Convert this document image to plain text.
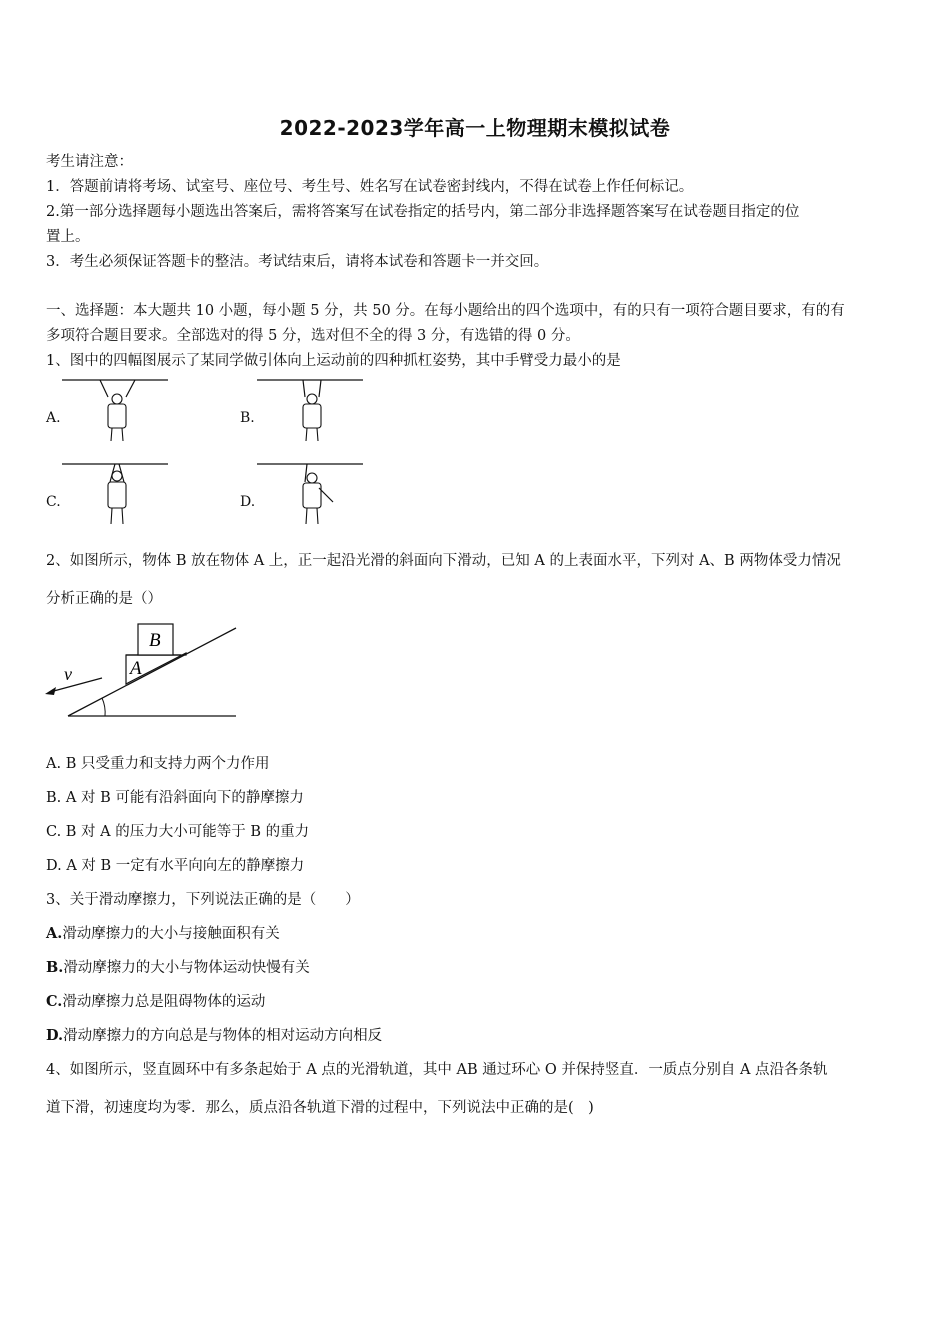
2022-2023学年高一上物理期末模拟试卷
考生请注意：
1．答题前请将考场、试室号、座位号、考生号、姓名写在试卷密封线内，不得在试卷上作任何标记。
2.第一部分选择题每小题选出答案后，需将答案写在试卷指定的括号内，第二部分非选择题答案写在试卷题目指定的位
置上。
3．考生必须保证答题卡的整洁。考试结束后，请将本试卷和答题卡一并交回。
一、选择题：本大题共 10 小题，每小题 5 分，共 50 分。在每小题给出的四个选项中，有的只有一项符合题目要求，有的有
多项符合题目要求。全部选对的得 5 分，选对但不全的得 3 分，有选错的得 0 分。
1、图中的四幅图展示了某同学做引体向上运动前的四种抓杠姿势，其中手臂受力最小的是
A.	B.
C.	D.
2、如图所示，物体 B 放在物体 A 上，正一起沿光滑的斜面向下滑动，已知 A 的上表面水平，下列对 A、B 两物体受力情况
分析正确的是（）
B
A
v
A. B 只受重力和支持力两个力作用
B. A 对 B 可能有沿斜面向下的静摩擦力
C. B 对 A 的压力大小可能等于 B 的重力
D. A 对 B 一定有水平向向左的静摩擦力
3、关于滑动摩擦力，下列说法正确的是（　　）
A.滑动摩擦力的大小与接触面积有关
B.滑动摩擦力的大小与物体运动快慢有关
C.滑动摩擦力总是阻碍物体的运动
D.滑动摩擦力的方向总是与物体的相对运动方向相反
4、如图所示，竖直圆环中有多条起始于 A 点的光滑轨道，其中 AB 通过环心 O 并保持竖直．一质点分别自 A 点沿各条轨
道下滑，初速度均为零．那么，质点沿各轨道下滑的过程中，下列说法中正确的是(　)
